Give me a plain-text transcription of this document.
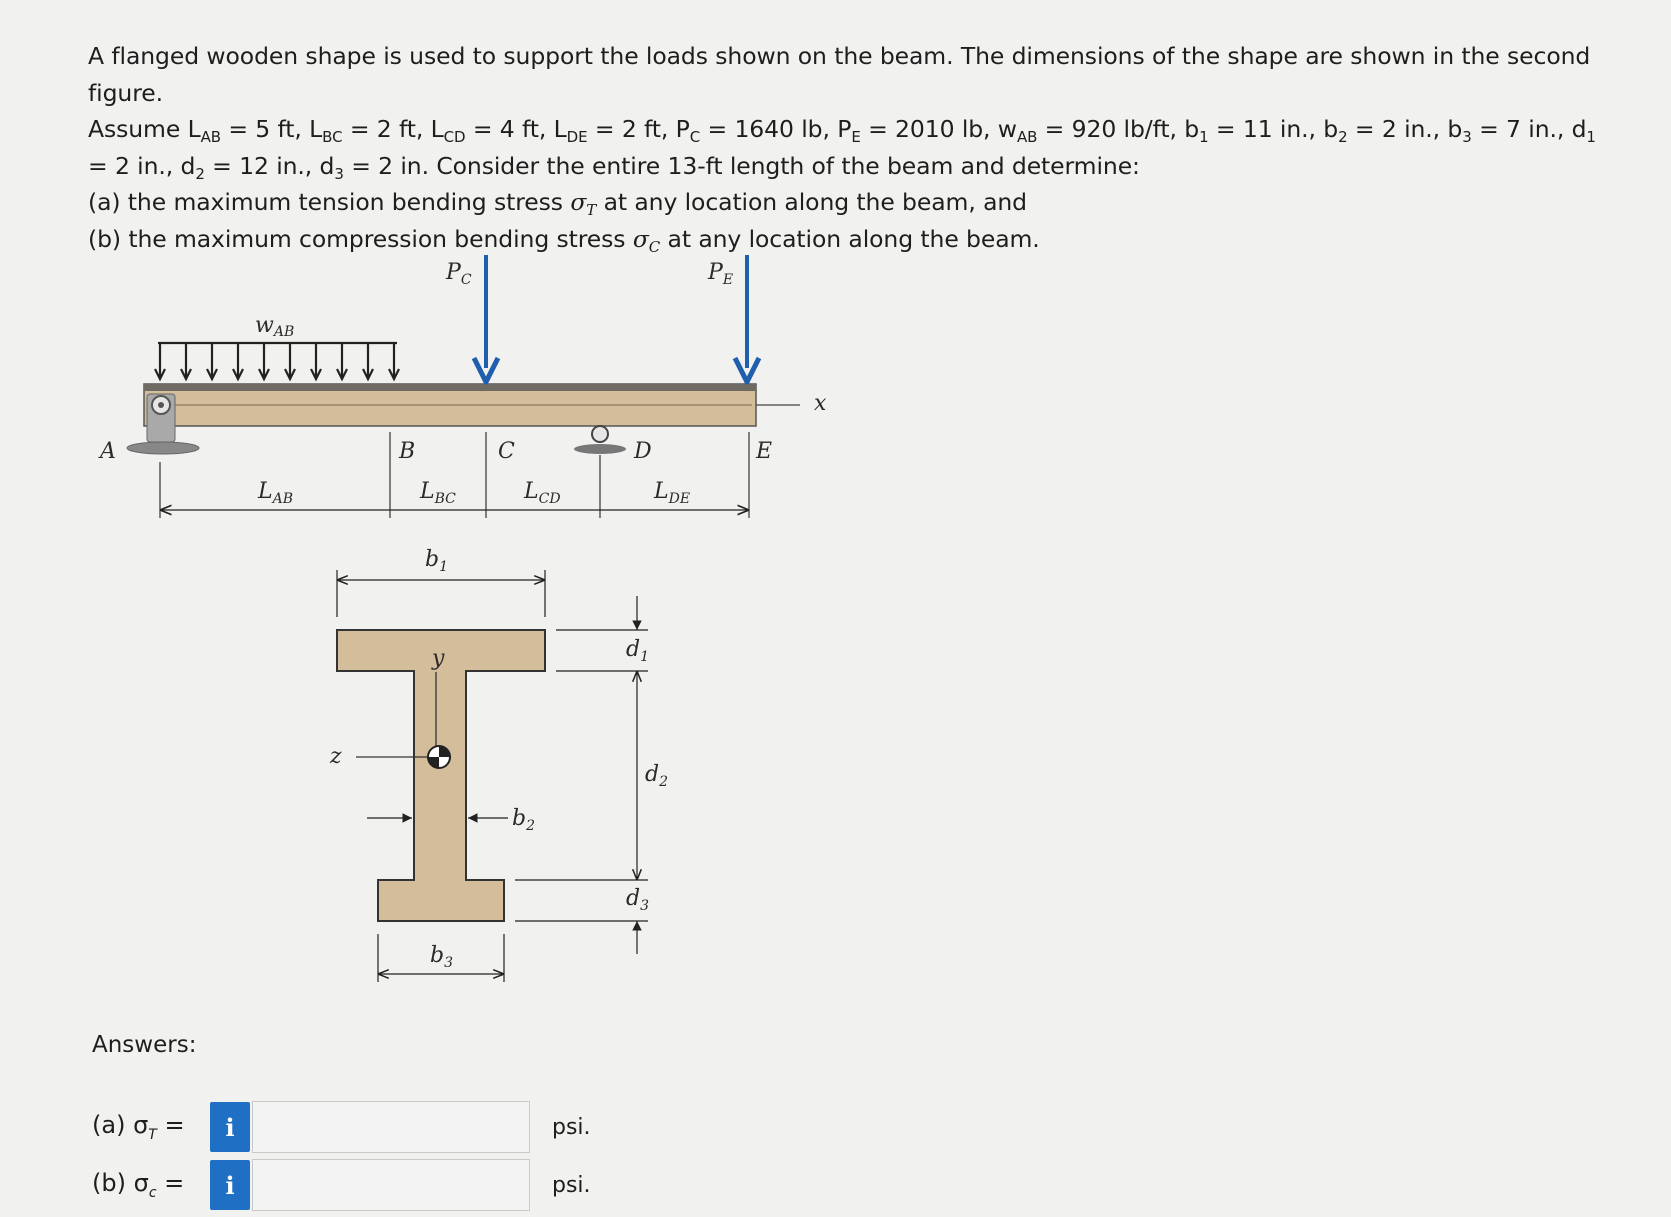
A flanged wooden shape is used to support the loads shown on the beam. The dimensions of the shape are shown in the second figure.

Assume $L_{AB} = 5$ ft, $L_{BC} = 2$ ft, $L_{CD} = 4$ ft, $L_{DE} = 2$ ft, $P_C = 1640$ lb, $P_E = 2010$ lb, $w_{AB} = 920$ lb/ft, $b_1 = 11$ in., $b_2 = 2$ in., $b_3 = 7$ in., $d_1 = 2$ in., $d_2 = 12$ in., $d_3 = 2$ in. Consider the entire 13-ft length of the beam and determine:

(a) the maximum tension bending stress $\sigma_T$ at any location along the beam, and

(b) the maximum compression bending stress $\sigma_C$ at any location along the beam.

wAB
x
$P_C$	$P_E$
A	B	C	D	E
$L_{AB}$	$L_{BC}$	$L_{CD}$	$L_{DE}$
$b_1$
y
z
$b_2$
$b_3$
$d_1$
$d_2$
$d_3$
Answers:
(a) $\sigma_T$ =	i	psi.
(b) $\sigma_c$ =	i	psi.
